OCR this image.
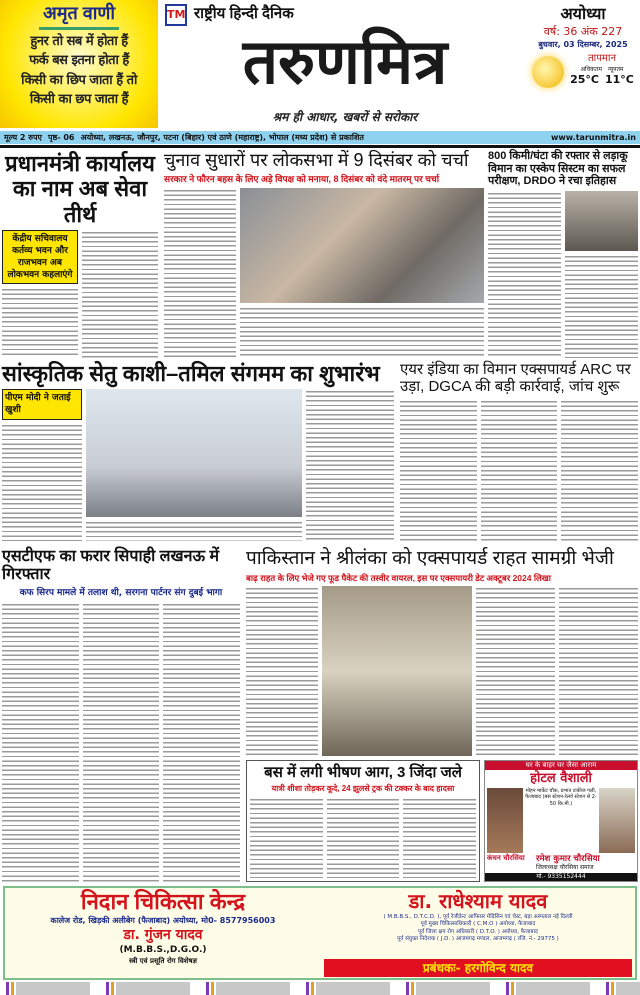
अमृत वाणी
हुनर तो सब में होता हैं
फर्क बस इतना होता हैं
किसी का छिप जाता हैं तो
किसी का छप जाता हैं
TM राष्ट्रीय हिन्दी दैनिक
तरुणमित्र
श्रम ही आधार, खबरों से सरोकार
अयोध्या
वर्ष: 36 अंक 227
बुधवार, 03 दिसम्बर, 2025
तापमान
अधिकतम न्यूनतम
25°C 11°C
मूल्य 2 रुपए पृष्ठ- 06 अयोध्या, लखनऊ, जौनपुर, पटना (बिहार) एवं ठाणे (महाराष्ट्र), भोपाल (मध्य प्रदेश) से प्रकाशित	www.tarunmitra.in
प्रधानमंत्री कार्यालय का नाम अब सेवा तीर्थ
केंद्रीय सचिवालय कर्तव्य भवन और राजभवन अब लोकभवन कहलाएंगे
चुनाव सुधारों पर लोकसभा में 9 दिसंबर को चर्चा
सरकार ने फौरन बहस के लिए अड़े विपक्ष को मनाया, 8 दिसंबर को वंदे मातरम् पर चर्चा
800 किमी/घंटा की रफ्तार से लड़ाकू विमान का एस्केप सिस्टम का सफल परीक्षण, DRDO ने रचा इतिहास
सांस्कृतिक सेतु काशी–तमिल संगमम का शुभारंभ
पीएम मोदी ने जताई खुशी
एयर इंडिया का विमान एक्सपायर्ड ARC पर उड़ा, DGCA की बड़ी कार्रवाई, जांच शुरू
एसटीएफ का फरार सिपाही लखनऊ में गिरफ्तार
कफ सिरप मामले में तलाश थी, सरगना पार्टनर संग दुबई भागा
पाकिस्तान ने श्रीलंका को एक्सपायर्ड राहत सामग्री भेजी
बाढ़ राहत के लिए भेजे गए फूड पैकेट की तस्वीर वायरल, इस पर एक्सपायरी डेट अक्टूबर 2024 लिखा
बस में लगी भीषण आग, 3 जिंदा जले
यात्री शीशा तोड़कर कूदे, 24 झुलसे ट्रक की टक्कर के बाद हादसा
घर के बाहर घर जैसा आराम
होटल वैशाली
मोहन मार्केट चौक, प्रभात टाकीज गली, फैजाबाद (बस स्टेशन-रेलवे स्टेशन से 2-50 कि.मी.)
कंचन चौरसिया	रमेश कुमार चौरसिया
जिलाध्यक्ष चौरसिया समाज
मो.- 9335152444
निदान चिकित्सा केन्द्र
कालेज रोड, खिड़की अलीबेग (फैजाबाद) अयोध्या, मो0- 8577956003
डा. गुंजन यादव
(M.B.B.S.,D.G.O.)
स्त्री एवं प्रसूति रोग विशेषज्ञ
डा. राधेश्याम यादव
( M.B.B.S., D.T.C.D. ), पूर्व रेजीडेन्ट आफिसर मेडिसिन एवं चेस्ट, बड़ा अस्पताल नई दिल्ली
पूर्व मुख्य चिकित्साधिकारी ( C.M.O ) अयोध्या, फैजाबाद
पूर्व जिला क्षय रोग अधिकारी ( D.T.O. ) अयोध्या, फैजाबाद
पूर्व संयुक्त निदेशक ( J.D. ) आजमगढ़ मण्डल, आजमगढ़ ( रजि. नं.- 29775 )
प्रबंधकः- हरगोविन्द यादव
